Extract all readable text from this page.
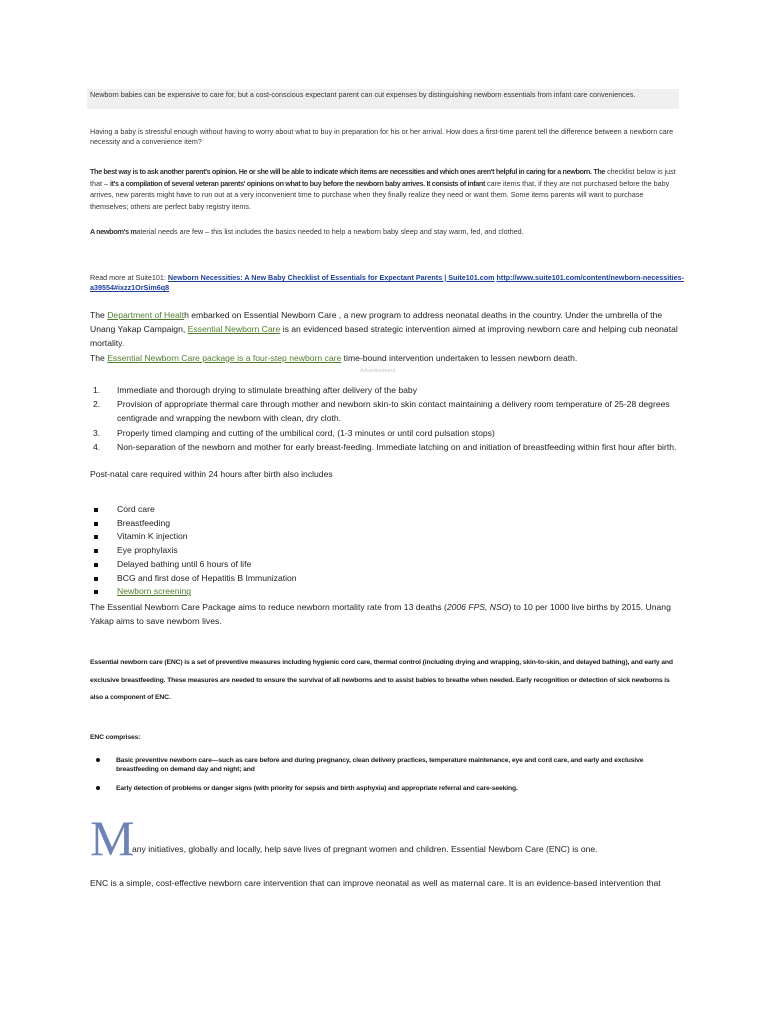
Newborn babies can be expensive to care for, but a cost-conscious expectant parent can cut expenses by distinguishing newborn essentials from infant care conveniences.
Having a baby is stressful enough without having to worry about what to buy in preparation for his or her arrival. How does a first-time parent tell the difference between a newborn care necessity and a convenience item?
The best way is to ask another parent's opinion. He or she will be able to indicate which items are necessities and which ones aren't helpful in caring for a newborn. The checklist below is just that – it's a compilation of several veteran parents' opinions on what to buy before the newborn baby arrives. It consists of infant care items that, if they are not purchased before the baby arrives, new parents might have to run out at a very inconvenient time to purchase when they finally realize they need or want them. Some items parents will want to purchase themselves; others are perfect baby registry items.
A newborn's material needs are few – this list includes the basics needed to help a newborn baby sleep and stay warm, fed, and clothed.
Read more at Suite101: Newborn Necessities: A New Baby Checklist of Essentials for Expectant Parents | Suite101.com http://www.suite101.com/content/newborn-necessities-a39554#ixzz1OrSim6q8
The Department of Health embarked on Essential Newborn Care , a new program to address neonatal deaths in the country. Under the umbrella of the Unang Yakap Campaign, Essential Newborn Care is an evidenced based strategic intervention aimed at improving newborn care and helping cub neonatal mortality.
The Essential Newborn Care package is a four-step newborn care time-bound intervention undertaken to lessen newborn death.
Advertisement
1. Immediate and thorough drying to stimulate breathing after delivery of the baby
2. Provision of appropriate thermal care through mother and newborn skin-to skin contact maintaining a delivery room temperature of 25-28 degrees centigrade and wrapping the newborn with clean, dry cloth.
3. Properly timed clamping and cutting of the umbilical cord, (1-3 minutes or until cord pulsation stops)
4. Non-separation of the newborn and mother for early breast-feeding. Immediate latching on and initiation of breastfeeding within first hour after birth.
Post-natal care required within 24 hours after birth also includes
Cord care
Breastfeeding
Vitamin K injection
Eye prophylaxis
Delayed bathing until 6 hours of life
BCG and first dose of Hepatitis B Immunization
Newborn screening
The Essential Newborn Care Package aims to reduce newborn mortality rate from 13 deaths (2006 FPS, NSO) to 10 per 1000 live births by 2015. Unang Yakap aims to save newborn lives.
Essential newborn care (ENC) is a set of preventive measures including hygienic cord care, thermal control (including drying and wrapping, skin-to-skin, and delayed bathing), and early and exclusive breastfeeding. These measures are needed to ensure the survival of all newborns and to assist babies to breathe when needed. Early recognition or detection of sick newborns is also a component of ENC.
ENC comprises:
Basic preventive newborn care—such as care before and during pregnancy, clean delivery practices, temperature maintenance, eye and cord care, and early and exclusive breastfeeding on demand day and night; and
Early detection of problems or danger signs (with priority for sepsis and birth asphyxia) and appropriate referral and care-seeking.
M
any initiatives, globally and locally, help save lives of pregnant women and children. Essential Newborn Care (ENC) is one.
ENC is a simple, cost-effective newborn care intervention that can improve neonatal as well as maternal care. It is an evidence-based intervention that
